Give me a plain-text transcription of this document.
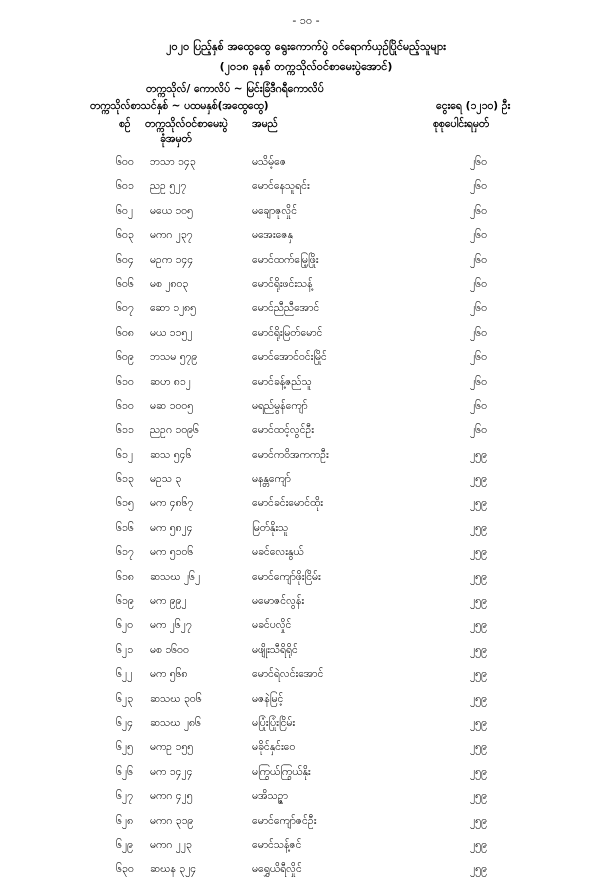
- ၁၀ -
၂၀၂၀ ပြည့်နှစ် အထွေထွေ ရွေးကောက်ပွဲ ဝင်ရောက်ယှဉ်ပြိုင်မည့်သူများ
(၂၀၁၈ ခုနှစ် တက္ကသိုလ်ဝင်စာမေးပွဲအောင်)
တက္ကသိုလ်/ ကောလိပ် ~ မြင်းခြံဒီဂရီကောလိပ်
တက္ကသိုလ်စာသင်နှစ် ~ ပထမနှစ်(အထွေထွေ)	ငွေးရေ (၁၂၁၀) ဦး
စဉ် တက္ကသိုလ်ဝင်စာမေးပွဲ
ခုံအမှတ်
အမည်	စုစုပေါင်းရမှတ်
၆၀၀ ဘသာ ၁၄၃	မသိမ့်ဇေ	၂၆၀
၆၀၁ ညဥ ၅၂၇	မောင်နေသူရင်း	၂၆၀
၆၀၂ မယေ ၁၀၅	မချောဇုလှိုင်	၂၆၀
၆၀၃ မကဂ ၂၃၇	မအေးဇေနှ	၂၆၀
၆၀၄ မဥက ၁၄၄	မောင်ထက်မြေ့ဖြိုး	၂၆၀
၆၀၆ မစ ၂၈၀၃	မောင်ရိုးဖင်းသန့်	၂၆၀
၆၀၇ ဆော ၁၂၈၅	မောင်ညီညီအောင်	၂၆၀
၆၀၈ မယ ၁၁၅၂	မောင်ရိုးမြတ်မောင်	၂၆၀
၆၀၉ ဘသမ ၅၇၉	မောင်အောင်ဝင်းမြိုင်	၂၆၀
၆၁၀ ဆဟ ၈၁၂	မောင်ခန့်ဇည်သူ	၂၆၀
၆၁၀ မဆ ၁၀၀၅	မရည်မွန်ကျော်	၂၆၀
၆၁၁ ညဥဂ ၁၀၉၆	မောင်ထင့်လွင်ဦး	၂၆၀
၆၁၂ ဆသ ၅၄၆	မောင်ကဝိအကကဦး	၂၅၉
၆၁၃ မဥသ ၃	မနန္တကျော်	၂၅၉
၆၁၅ မက ၄၈၆၇	မောင်ခင်းမောင်ထိုး	၂၅၉
၆၁၆ မက ၅၈၂၄	မြတ်နိုးသူ	၂၅၉
၆၁၇ မက ၅၁၀၆	မခင်လေးနွယ်	၂၅၉
၆၁၈ ဆသဃ ၂၆၂	မောင်ကျော်ဖိုးငြိမ်း	၂၅၉
၆၁၉ မက ၉၉၂	မမောဇင်လွန်း	၂၅၉
၆၂၀ မက ၂၆၂၇	မခင်ပလှိုင်	၂၅၉
၆၂၁ မစ ၁၆၀၀	မဖျိုးသီရိရိုင်	၂၅၉
၆၂၂ မက ၅၆၈	မောင်ရဲလင်းအောင်	၂၅၉
၆၂၃ ဆသဃ ၃၀၆	မဇနဲမြင့်	၂၅၉
၆၂၄ ဆသဃ ၂၈၆	မပြုံးပြုံးငြိမ်း	၂၅၉
၆၂၅ မကဥ ၁၅၅	မခိုင်နှင်းဝေ	၂၅၉
၆၂၆ မက ၁၄၂၄	မကြွယ်ကြွယ်နိုး	၂၅၉
၆၂၇ မကဂ ၄၂၅	မအိသဉ္ဇာ	၂၅၉
၆၂၈ မကဂ ၃၁၉	မောင်ကျော်ဇင်ဦး	၂၅၉
၆၂၉ မကဂ ၂၂၃	မောင်သန့်ဇင်	၂၅၉
၆၃၀ ဆဃန ၃၂၄	မရွှေယိရီလှိုင်	၂၅၉
